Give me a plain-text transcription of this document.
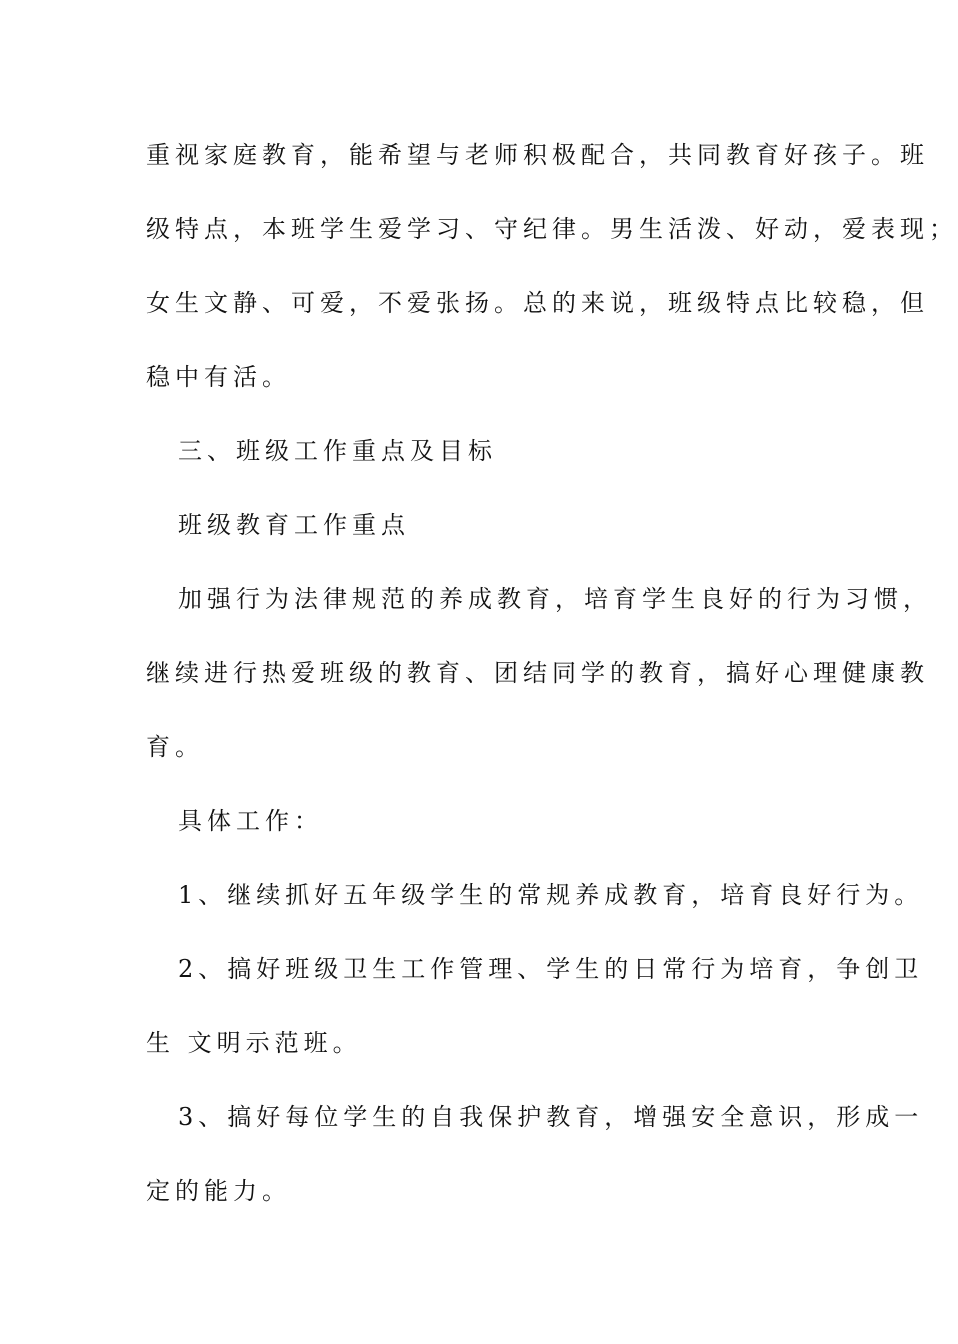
重视家庭教育，能希望与老师积极配合，共同教育好孩子。班
级特点，本班学生爱学习、守纪律。男生活泼、好动，爱表现；
女生文静、可爱，不爱张扬。总的来说，班级特点比较稳，但
稳中有活。
三、班级工作重点及目标
班级教育工作重点
加强行为法律规范的养成教育，培育学生良好的行为习惯，
继续进行热爱班级的教育、团结同学的教育，搞好心理健康教
育。
具体工作：
1、继续抓好五年级学生的常规养成教育，培育良好行为。
2、搞好班级卫生工作管理、学生的日常行为培育，争创卫
生 文明示范班。
3、搞好每位学生的自我保护教育，增强安全意识，形成一
定的能力。
